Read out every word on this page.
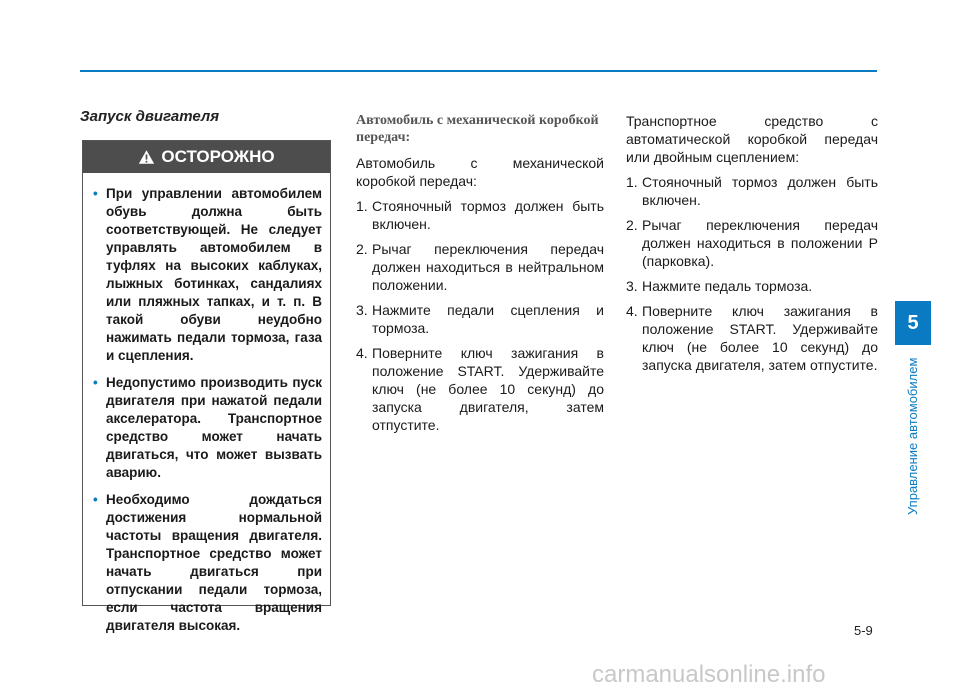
Запуск двигателя
ОСТОРОЖНО
• При управлении автомобилем обувь должна быть соответствующей. Не следует управлять автомобилем в туфлях на высоких каблуках, лыжных ботинках, сандалиях или пляжных тапках, и т. п. В такой обуви неудобно нажимать педали тормоза, газа и сцепления.
• Недопустимо производить пуск двигателя при нажатой педали акселератора. Транспортное средство может начать двигаться, что может вызвать аварию.
• Необходимо дождаться достижения нормальной частоты вращения двигателя. Транспортное средство может начать двигаться при отпускании педали тормоза, если частота вращения двигателя высокая.
Автомобиль с механической коробкой передач:
Автомобиль с механической коробкой передач:
1. Стояночный тормоз должен быть включен.
2. Рычаг переключения передач должен находиться в нейтральном положении.
3. Нажмите педали сцепления и тормоза.
4. Поверните ключ зажигания в положение START. Удерживайте ключ (не более 10 секунд) до запуска двигателя, затем отпустите.
Транспортное средство с автоматической коробкой передач или двойным сцеплением:
1. Стояночный тормоз должен быть включен.
2. Рычаг переключения передач должен находиться в положении P (парковка).
3. Нажмите педаль тормоза.
4. Поверните ключ зажигания в положение START. Удерживайте ключ (не более 10 секунд) до запуска двигателя, затем отпустите.
5
Управление автомобилем
5-9
carmanualsonline.info
